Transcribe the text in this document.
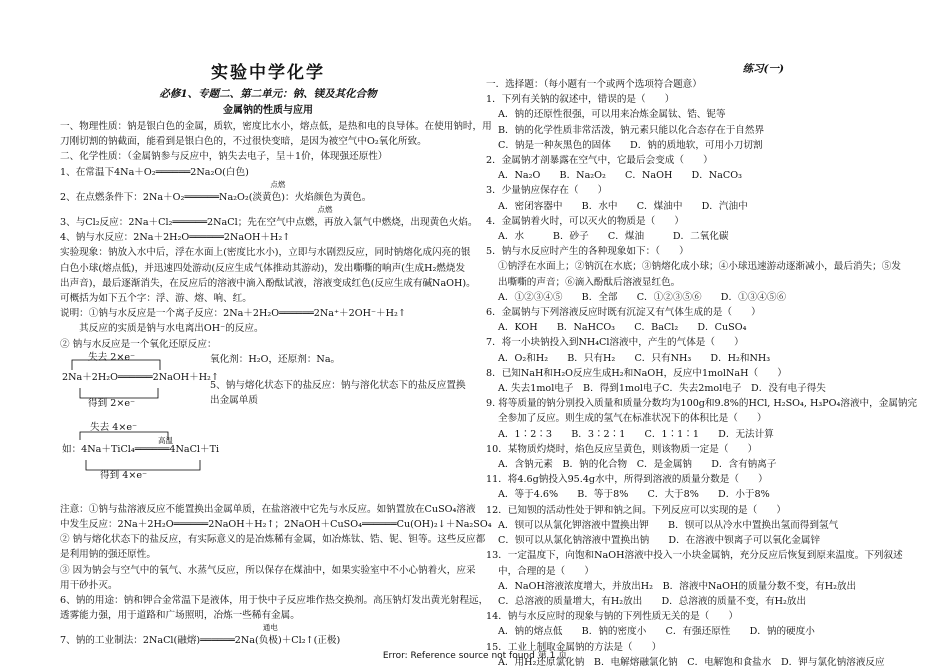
实验中学化学
必修1、专题二、第二单元：钠、镁及其化合物
金属钠的性质与应用
一、物理性质：钠是银白色的金属，质软，密度比水小，熔点低，是热和电的良导体。在使用钠时，用
刀刚切割的钠截面，能看到是银白色的，不过很快变暗，是因为被空气中O₂氧化所致。
二、化学性质：（金属钠参与反应中，钠失去电子，呈＋1价，体现强还原性）
1、在常温下4Na＋O₂══════2Na₂O(白色)
2、在点燃条件下：2Na＋O₂
点燃
══════Na₂O₂(淡黄色)：火焰颜色为黄色。
3、与Cl₂反应：2Na＋Cl₂
点燃
══════2NaCl；先在空气中点燃，再放入氯气中燃烧，出现黄色火焰。
4、钠与水反应：2Na＋2H₂O══════2NaOH＋H₂↑
实验现象：钠放入水中后，浮在水面上(密度比水小)，立即与水剧烈反应，同时钠熔化成闪亮的银
白色小球(熔点低)，并迅速四处游动(反应生成气体推动其游动)，发出嘶嘶的响声(生成H₂燃烧发
出声音)，最后逐渐消失，在反应后的溶液中滴入酚酞试液，溶液变成红色(反应生成有碱NaOH)。
可概括为如下五个字：浮、游、熔、响、红。
说明：①钠与水反应是一个离子反应：2Na＋2H₂O══════2Na⁺＋2OH⁻＋H₂↑
　　其反应的实质是钠与水电离出OH⁻的反应。
② 钠与水反应是一个氧化还原反应：
失去 2×e⁻
2Na＋2H₂O══════2NaOH＋H₂↑
得到 2×e⁻
氧化剂：H₂O，还原剂：Na。
5、钠与熔化状态下的盐反应：钠与溶化状态下的盐反应置换
出金属单质
失去 4×e⁻
高温
如：4Na＋TiCl₄══════4NaCl＋Ti
得到 4×e⁻
注意：①钠与盐溶液反应不能置换出金属单质，在盐溶液中它先与水反应。如钠置放在CuSO₄溶液
中发生反应：2Na＋2H₂O══════2NaOH＋H₂↑；2NaOH＋CuSO₄══════Cu(OH)₂↓＋Na₂SO₄
② 钠与熔化状态下的盐反应，有实际意义的是冶炼稀有金属，如冶炼钛、锆、铌、钽等。这些反应都
是利用钠的强还原性。
③ 因为钠会与空气中的氧气、水蒸气反应，所以保存在煤油中，如果实验室中不小心钠着火，应采
用干砂扑灭。
6、钠的用途：钠和钾合金常温下是液体，用于快中子反应堆作热交换剂。高压钠灯发出黄光射程远，
透雾能力强，用于道路和广场照明，冶炼一些稀有金属。
7、钠的工业制法：2NaCl(融熔)
通电
══════2Na(负极)＋Cl₂↑(正极)
练习(一)
一．选择题：（每小题有一个或两个选项符合题意）
1．下列有关钠的叙述中，错误的是（　　）
A．钠的还原性很强，可以用来冶炼金属钛、锆、铌等
B．钠的化学性质非常活泼，钠元素只能以化合态存在于自然界
C．钠是一种灰黑色的固体　　D．钠的质地软，可用小刀切割
2．金属钠才剖暴露在空气中，它最后会变成（　　）
A．Na₂O　　B．Na₂O₂　　C．NaOH　　D．NaCO₃
3．少量钠应保存在（　　）
A．密闭容器中　　B．水中　　C．煤油中　　D．汽油中
4．金属钠着火时，可以灭火的物质是（　　）
A．水　　　B．砂子　　C．煤油　　　D．二氧化碳
5．钠与水反应时产生的各种现象如下：（　　）
①钠浮在水面上；②钠沉在水底；③钠熔化成小球；④小球迅速游动逐渐减小，最后消失；⑤发
出嘶嘶的声音；⑥滴入酚酞后溶液显红色。
A．①②③④⑤　　B．全部　　C．①②③⑤⑥　　D．①③④⑤⑥
6．金属钠与下列溶液反应时既有沉淀又有气体生成的是（　　）
A．KOH　　B．NaHCO₃　　C．BaCl₂　　D．CuSO₄
7．将一小块钠投入到NH₄Cl溶液中，产生的气体是（　　）
A．O₂和H₂　　B．只有H₂　　C．只有NH₃　　D．H₂和NH₃
8．已知NaH和H₂O反应生成H₂和NaOH，反应中1molNaH（　　）
A. 失去1mol电子　B．得到1mol电子C．失去2mol电子　D．没有电子得失
9. 将等质量的钠分别投入质量和质量分数均为100g和9.8%的HCl, H₂SO₄, H₃PO₄溶液中，金属钠完
全参加了反应。则生成的氢气在标准状况下的体积比是（　　）
A．1∶2∶3　　B．3∶2∶1　　C．1∶1∶1　　D．无法计算
10．某物质灼烧时，焰色反应呈黄色，则该物质一定是（　　）
A．含钠元素　B．钠的化合物　C．是金属钠　　D．含有钠离子
11．将4.6g钠投入95.4g水中，所得到溶液的质量分数是（　　）
A．等于4.6%　　B．等于8%　　C．大于8%　　D．小于8%
12．已知钡的活动性处于钾和钠之间。下列反应可以实现的是（　　）
A．钡可以从氯化钾溶液中置换出钾　　B．钡可以从冷水中置换出氢而得到氢气
C．钡可以从氯化钠溶液中置换出钠　　D．在溶液中钡离子可以氧化金属锌
13．一定温度下，向饱和NaOH溶液中投入一小块金属钠，充分反应后恢复到原来温度。下列叙述
中，合理的是（　　）
A．NaOH溶液浓度增大，并放出H₂　B．溶液中NaOH的质量分数不变，有H₂放出
C．总溶液的质量增大，有H₂放出　　D．总溶液的质量不变，有H₂放出
14．钠与水反应时的现象与钠的下列性质无关的是（　　）
A．钠的熔点低　　B．钠的密度小　　C．有强还原性　　D．钠的硬度小
15．工业上制取金属钠的方法是（　　）
A．用H₂还原氯化钠　B．电解熔融氯化钠　C．电解饱和食盐水　D．钾与氯化钠溶液反应
Error: Reference source not found 第 1 页
